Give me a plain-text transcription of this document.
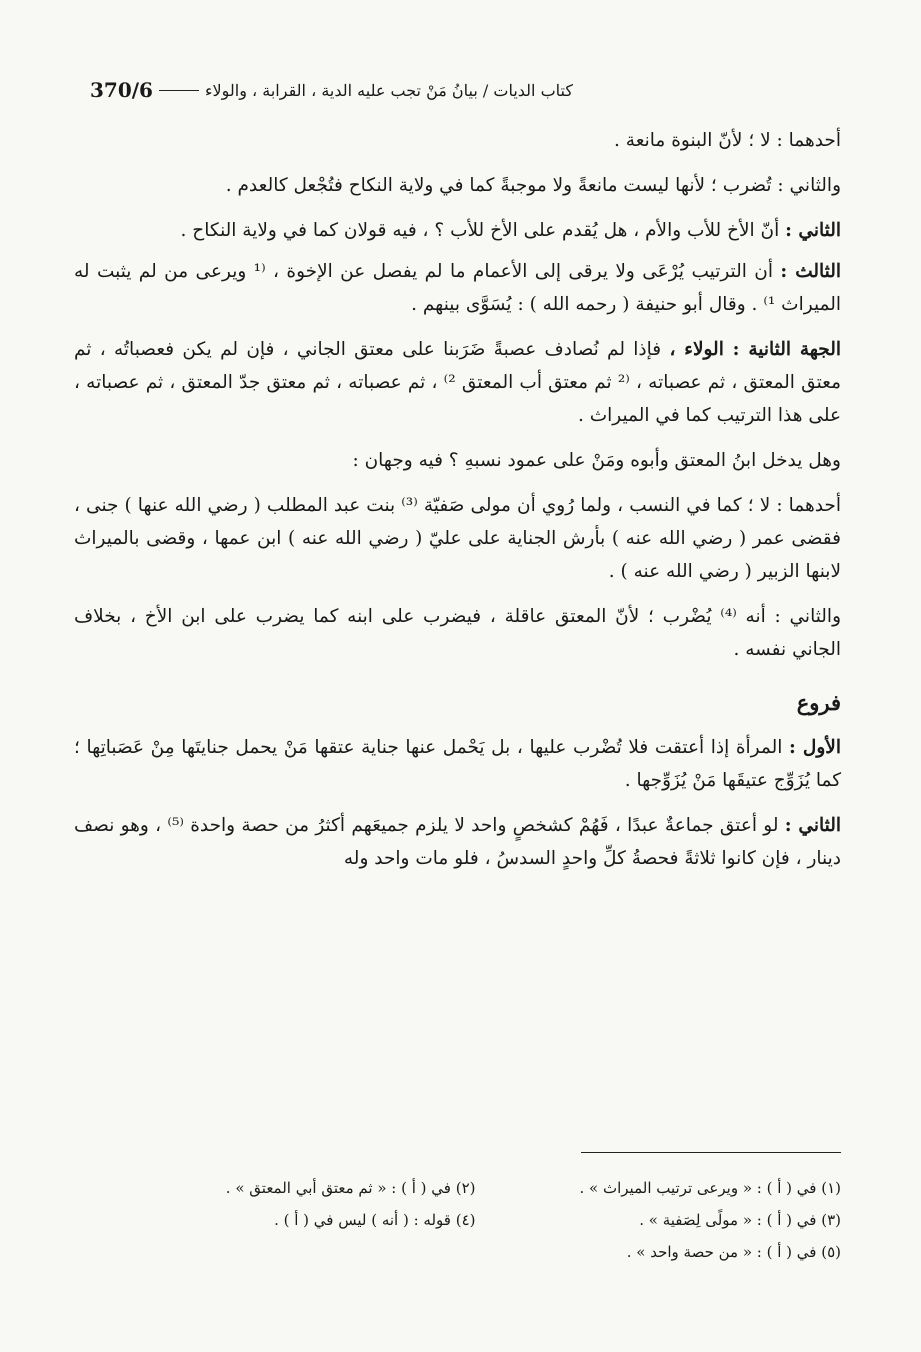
370/6	كتاب الديات / بيانُ مَنْ تجب عليه الدية ، القرابة ، والولاء

أحدهما : لا ؛ لأنّ البنوة مانعة .

والثاني : تُضرب ؛ لأنها ليست مانعةً ولا موجبةً كما في ولاية النكاح فتُجْعل كالعدم .

الثاني : أنّ الأخ للأب والأم ، هل يُقدم على الأخ للأب ؟ ، فيه قولان كما في ولاية النكاح .

الثالث : أن الترتيب يُرْعَى ولا يرقى إلى الأعمام ما لم يفصل عن الإخوة ، ⁽¹ ويرعى من لم يثبت له الميراث ¹⁾ . وقال أبو حنيفة ( رحمه الله ) : يُسَوَّى بينهم .

الجهة الثانية : الولاء ، فإذا لم نُصادف عصبةً ضَرَبنا على معتق الجاني ، فإن لم يكن فعصباتُه ، ثم معتق المعتق ، ثم عصباته ، ⁽² ثم معتق أب المعتق ²⁾ ، ثم عصباته ، ثم معتق جدّ المعتق ، ثم عصباته ، على هذا الترتيب كما في الميراث .

وهل يدخل ابنُ المعتق وأبوه ومَنْ على عمود نسبهِ ؟ فيه وجهان :

أحدهما : لا ؛ كما في النسب ، ولما رُوي أن مولى صَفيّة ⁽³⁾ بنت عبد المطلب ( رضي الله عنها ) جنى ، فقضى عمر ( رضي الله عنه ) بأرش الجناية على عليّ ( رضي الله عنه ) ابن عمها ، وقضى بالميراث لابنها الزبير ( رضي الله عنه ) .

والثاني : أنه ⁽⁴⁾ يُضْرب ؛ لأنّ المعتق عاقلة ، فيضرب على ابنه كما يضرب على ابن الأخ ، بخلاف الجاني نفسه .

فروع

الأول : المرأة إذا أعتقت فلا تُضْرب عليها ، بل يَحْمل عنها جناية عتقها مَنْ يحمل جنايتَها مِنْ عَصَباتِها ؛ كما يُزَوِّج عتيقَها مَنْ يُزَوِّجها .

الثاني : لو أعتق جماعةٌ عبدًا ، فَهُمْ كشخصٍ واحد لا يلزم جميعَهم أكثرُ من حصة واحدة ⁽⁵⁾ ، وهو نصف دينار ، فإن كانوا ثلاثةً فحصةُ كلِّ واحدٍ السدسُ ، فلو مات واحد وله

(١) في ( أ ) : « ويرعى ترتيب الميراث » .
(٢) في ( أ ) : « ثم معتق أبي المعتق » .
(٣) في ( أ ) : « مولًى لِصَفية » .
(٤) قوله : ( أنه ) ليس في ( أ ) .
(٥) في ( أ ) : « من حصة واحد » .
